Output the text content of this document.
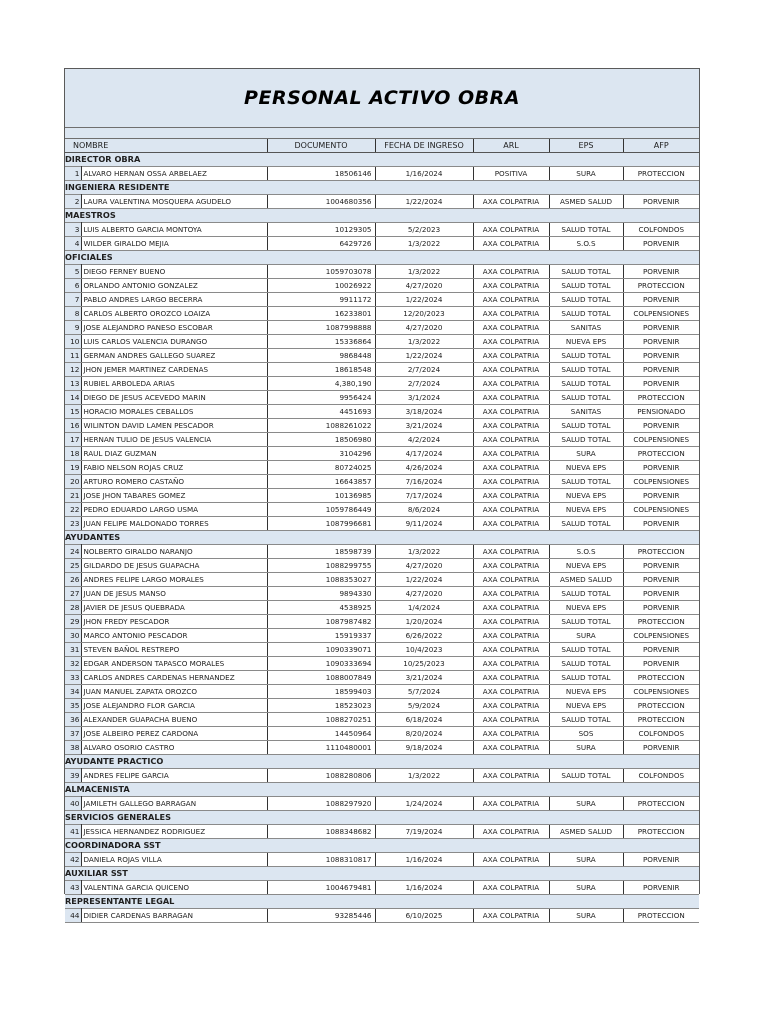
PERSONAL ACTIVO OBRA

NOMBRE		DOCUMENTO	FECHA DE INGRESO	ARL	EPS	AFP
DIRECTOR OBRA						
1	ALVARO HERNAN OSSA ARBELAEZ	18506146	1/16/2024	POSITIVA	SURA	PROTECCION
INGENIERA RESIDENTE						
2	LAURA VALENTINA MOSQUERA AGUDELO	1004680356	1/22/2024	AXA COLPATRIA	ASMED SALUD	PORVENIR
MAESTROS						
3	LUIS ALBERTO GARCIA MONTOYA	10129305	5/2/2023	AXA COLPATRIA	SALUD TOTAL	COLFONDOS
4	WILDER GIRALDO MEJIA	6429726	1/3/2022	AXA COLPATRIA	S.O.S	PORVENIR
OFICIALES						
5	DIEGO FERNEY BUENO	1059703078	1/3/2022	AXA COLPATRIA	SALUD TOTAL	PORVENIR
6	ORLANDO ANTONIO GONZALEZ	10026922	4/27/2020	AXA COLPATRIA	SALUD TOTAL	PROTECCION
7	PABLO ANDRES LARGO BECERRA	9911172	1/22/2024	AXA COLPATRIA	SALUD TOTAL	PORVENIR
8	CARLOS ALBERTO OROZCO LOAIZA	16233801	12/20/2023	AXA COLPATRIA	SALUD TOTAL	COLPENSIONES
9	JOSE ALEJANDRO PANESO ESCOBAR	1087998888	4/27/2020	AXA COLPATRIA	SANITAS	PORVENIR
10	LUIS CARLOS VALENCIA DURANGO	15336864	1/3/2022	AXA COLPATRIA	NUEVA EPS	PORVENIR
11	GERMAN ANDRES GALLEGO SUAREZ	9868448	1/22/2024	AXA COLPATRIA	SALUD TOTAL	PORVENIR
12	JHON JEMER MARTINEZ CARDENAS	18618548	2/7/2024	AXA COLPATRIA	SALUD TOTAL	PORVENIR
13	RUBIEL ARBOLEDA ARIAS	4,380,190	2/7/2024	AXA COLPATRIA	SALUD TOTAL	PORVENIR
14	DIEGO DE JESUS ACEVEDO MARIN	9956424	3/1/2024	AXA COLPATRIA	SALUD TOTAL	PROTECCION
15	HORACIO MORALES CEBALLOS	4451693	3/18/2024	AXA COLPATRIA	SANITAS	PENSIONADO
16	WILINTON DAVID LAMEN PESCADOR	1088261022	3/21/2024	AXA COLPATRIA	SALUD TOTAL	PORVENIR
17	HERNAN TULIO DE JESUS VALENCIA	18506980	4/2/2024	AXA COLPATRIA	SALUD TOTAL	COLPENSIONES
18	RAUL DIAZ GUZMAN	3104296	4/17/2024	AXA COLPATRIA	SURA	PROTECCION
19	FABIO NELSON ROJAS CRUZ	80724025	4/26/2024	AXA COLPATRIA	NUEVA EPS	PORVENIR
20	ARTURO ROMERO CASTAÑO	16643857	7/16/2024	AXA COLPATRIA	SALUD TOTAL	COLPENSIONES
21	JOSE JHON TABARES GOMEZ	10136985	7/17/2024	AXA COLPATRIA	NUEVA EPS	PORVENIR
22	PEDRO EDUARDO LARGO USMA	1059786449	8/6/2024	AXA COLPATRIA	NUEVA EPS	COLPENSIONES
23	JUAN FELIPE MALDONADO TORRES	1087996681	9/11/2024	AXA COLPATRIA	SALUD TOTAL	PORVENIR
AYUDANTES						
24	NOLBERTO GIRALDO NARANJO	18598739	1/3/2022	AXA COLPATRIA	S.O.S	PROTECCION
25	GILDARDO DE JESUS GUAPACHA	1088299755	4/27/2020	AXA COLPATRIA	NUEVA EPS	PORVENIR
26	ANDRES FELIPE LARGO MORALES	1088353027	1/22/2024	AXA COLPATRIA	ASMED SALUD	PORVENIR
27	JUAN DE JESUS MANSO	9894330	4/27/2020	AXA COLPATRIA	SALUD TOTAL	PORVENIR
28	JAVIER DE JESUS QUEBRADA	4538925	1/4/2024	AXA COLPATRIA	NUEVA EPS	PORVENIR
29	JHON FREDY PESCADOR	1087987482	1/20/2024	AXA COLPATRIA	SALUD TOTAL	PROTECCION
30	MARCO ANTONIO PESCADOR	15919337	6/26/2022	AXA COLPATRIA	SURA	COLPENSIONES
31	STEVEN BAÑOL RESTREPO	1090339071	10/4/2023	AXA COLPATRIA	SALUD TOTAL	PORVENIR
32	EDGAR ANDERSON TAPASCO MORALES	1090333694	10/25/2023	AXA COLPATRIA	SALUD TOTAL	PORVENIR
33	CARLOS ANDRES CARDENAS HERNANDEZ	1088007849	3/21/2024	AXA COLPATRIA	SALUD TOTAL	PROTECCION
34	JUAN MANUEL ZAPATA OROZCO	18599403	5/7/2024	AXA COLPATRIA	NUEVA EPS	COLPENSIONES
35	JOSE ALEJANDRO FLOR GARCIA	18523023	5/9/2024	AXA COLPATRIA	NUEVA EPS	PROTECCION
36	ALEXANDER GUAPACHA BUENO	1088270251	6/18/2024	AXA COLPATRIA	SALUD TOTAL	PROTECCION
37	JOSE ALBEIRO PEREZ CARDONA	14450964	8/20/2024	AXA COLPATRIA	SOS	COLFONDOS
38	ALVARO OSORIO CASTRO	1110480001	9/18/2024	AXA COLPATRIA	SURA	PORVENIR
AYUDANTE PRACTICO						
39	ANDRES FELIPE GARCIA	1088280806	1/3/2022	AXA COLPATRIA	SALUD TOTAL	COLFONDOS
ALMACENISTA						
40	JAMILETH GALLEGO BARRAGAN	1088297920	1/24/2024	AXA COLPATRIA	SURA	PROTECCION
SERVICIOS GENERALES						
41	JESSICA HERNANDEZ RODRIGUEZ	1088348682	7/19/2024	AXA COLPATRIA	ASMED SALUD	PROTECCION
COORDINADORA SST						
42	DANIELA ROJAS VILLA	1088310817	1/16/2024	AXA COLPATRIA	SURA	PORVENIR
AUXILIAR SST						
43	VALENTINA GARCIA QUICENO	1004679481	1/16/2024	AXA COLPATRIA	SURA	PORVENIR
REPRESENTANTE LEGAL						
44	DIDIER CARDENAS BARRAGAN	93285446	6/10/2025	AXA COLPATRIA	SURA	PROTECCION
